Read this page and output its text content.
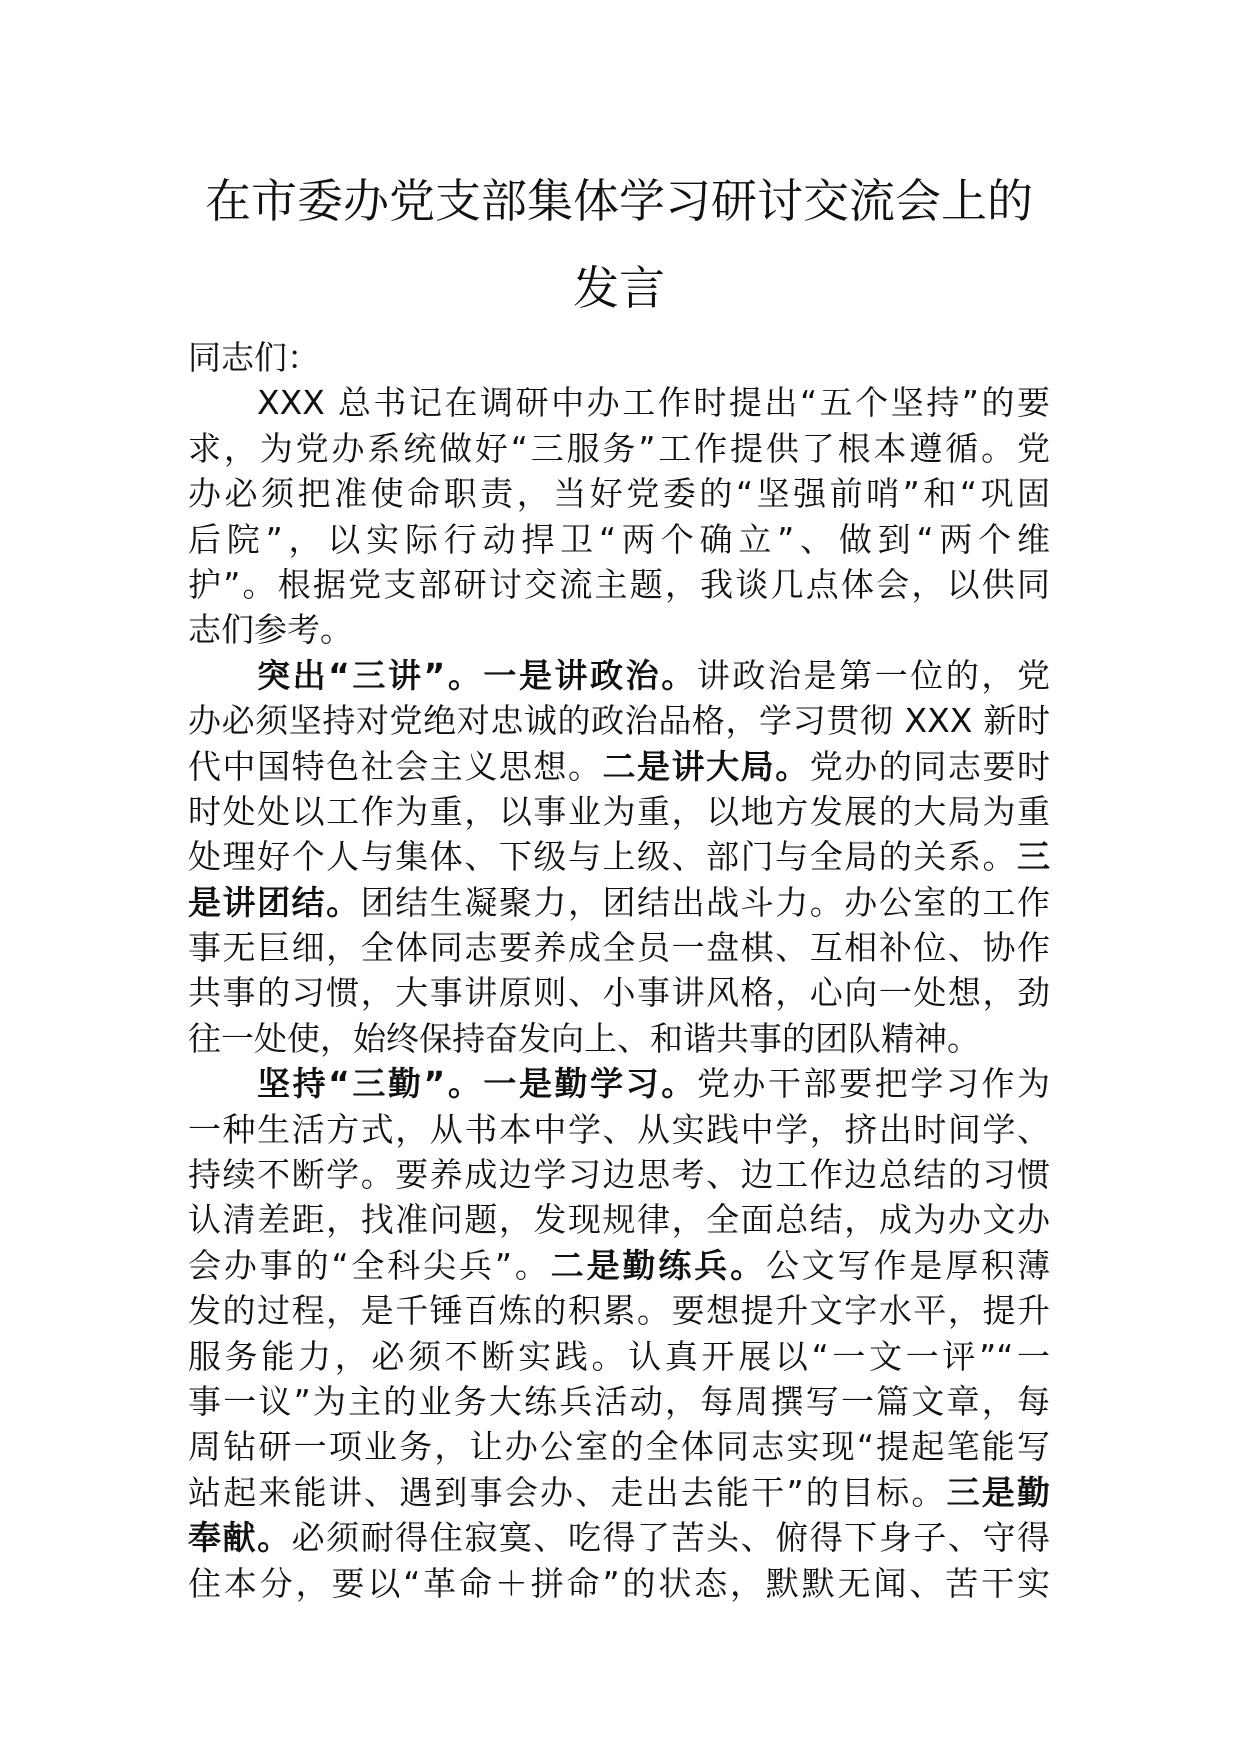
在市委办党支部集体学习研讨交流会上的
发言
同志们：
XXX 总书记在调研中办工作时提出“五个坚持”的要
求，为党办系统做好“三服务”工作提供了根本遵循。党
办必须把准使命职责，当好党委的“坚强前哨”和“巩固
后院”，以实际行动捍卫“两个确立”、做到“两个维
护”。根据党支部研讨交流主题，我谈几点体会，以供同
志们参考。
突出“三讲”。一是讲政治。讲政治是第一位的，党
办必须坚持对党绝对忠诚的政治品格，学习贯彻 XXX 新时
代中国特色社会主义思想。二是讲大局。党办的同志要时
时处处以工作为重，以事业为重，以地方发展的大局为重
处理好个人与集体、下级与上级、部门与全局的关系。三
是讲团结。团结生凝聚力，团结出战斗力。办公室的工作
事无巨细，全体同志要养成全员一盘棋、互相补位、协作
共事的习惯，大事讲原则、小事讲风格，心向一处想，劲
往一处使，始终保持奋发向上、和谐共事的团队精神。
坚持“三勤”。一是勤学习。党办干部要把学习作为
一种生活方式，从书本中学、从实践中学，挤出时间学、
持续不断学。要养成边学习边思考、边工作边总结的习惯
认清差距，找准问题，发现规律，全面总结，成为办文办
会办事的“全科尖兵”。二是勤练兵。公文写作是厚积薄
发的过程，是千锤百炼的积累。要想提升文字水平，提升
服务能力，必须不断实践。认真开展以“一文一评”“一
事一议”为主的业务大练兵活动，每周撰写一篇文章，每
周钻研一项业务，让办公室的全体同志实现“提起笔能写
站起来能讲、遇到事会办、走出去能干”的目标。三是勤
奉献。必须耐得住寂寞、吃得了苦头、俯得下身子、守得
住本分，要以“革命＋拼命”的状态，默默无闻、苦干实
